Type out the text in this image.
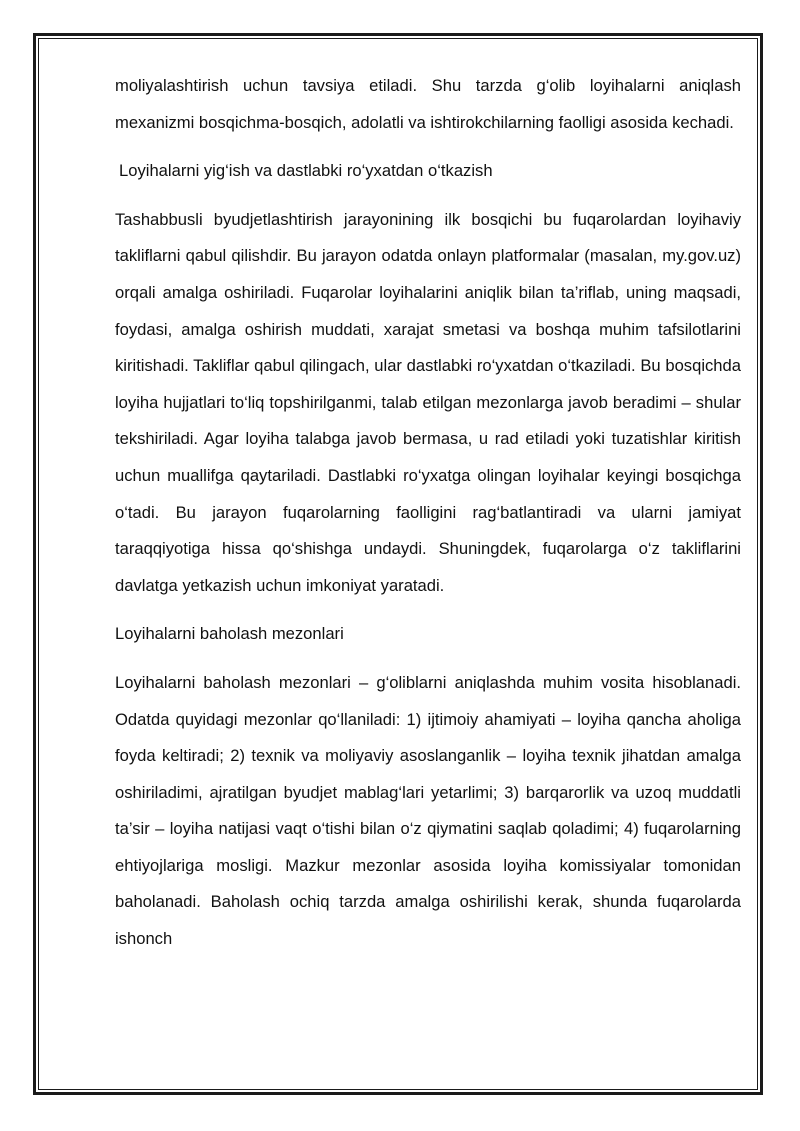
moliyalashtirish uchun tavsiya etiladi. Shu tarzda g‘olib loyihalarni aniqlash mexanizmi bosqichma-bosqich, adolatli va ishtirokchilarning faolligi asosida kechadi.

Loyihalarni yig‘ish va dastlabki ro‘yxatdan o‘tkazish

Tashabbusli byudjetlashtirish jarayonining ilk bosqichi bu fuqarolardan loyihaviy takliflarni qabul qilishdir. Bu jarayon odatda onlayn platformalar (masalan, my.gov.uz) orqali amalga oshiriladi. Fuqarolar loyihalarini aniqlik bilan ta’riflab, uning maqsadi, foydasi, amalga oshirish muddati, xarajat smetasi va boshqa muhim tafsilotlarini kiritishadi. Takliflar qabul qilingach, ular dastlabki ro‘yxatdan o‘tkaziladi. Bu bosqichda loyiha hujjatlari to‘liq topshirilganmi, talab etilgan mezonlarga javob beradimi – shular tekshiriladi. Agar loyiha talabga javob bermasa, u rad etiladi yoki tuzatishlar kiritish uchun muallifga qaytariladi. Dastlabki ro‘yxatga olingan loyihalar keyingi bosqichga o‘tadi. Bu jarayon fuqarolarning faolligini rag‘batlantiradi va ularni jamiyat taraqqiyotiga hissa qo‘shishga undaydi. Shuningdek, fuqarolarga o‘z takliflarini davlatga yetkazish uchun imkoniyat yaratadi.

Loyihalarni baholash mezonlari

Loyihalarni baholash mezonlari – g‘oliblarni aniqlashda muhim vosita hisoblanadi. Odatda quyidagi mezonlar qo‘llaniladi: 1) ijtimoiy ahamiyati – loyiha qancha aholiga foyda keltiradi; 2) texnik va moliyaviy asoslanganlik – loyiha texnik jihatdan amalga oshiriladimi, ajratilgan byudjet mablag‘lari yetarlimi; 3) barqarorlik va uzoq muddatli ta’sir – loyiha natijasi vaqt o‘tishi bilan o‘z qiymatini saqlab qoladimi; 4) fuqarolarning ehtiyojlariga mosligi. Mazkur mezonlar asosida loyiha komissiyalar tomonidan baholanadi. Baholash ochiq tarzda amalga oshirilishi kerak, shunda fuqarolarda ishonch
